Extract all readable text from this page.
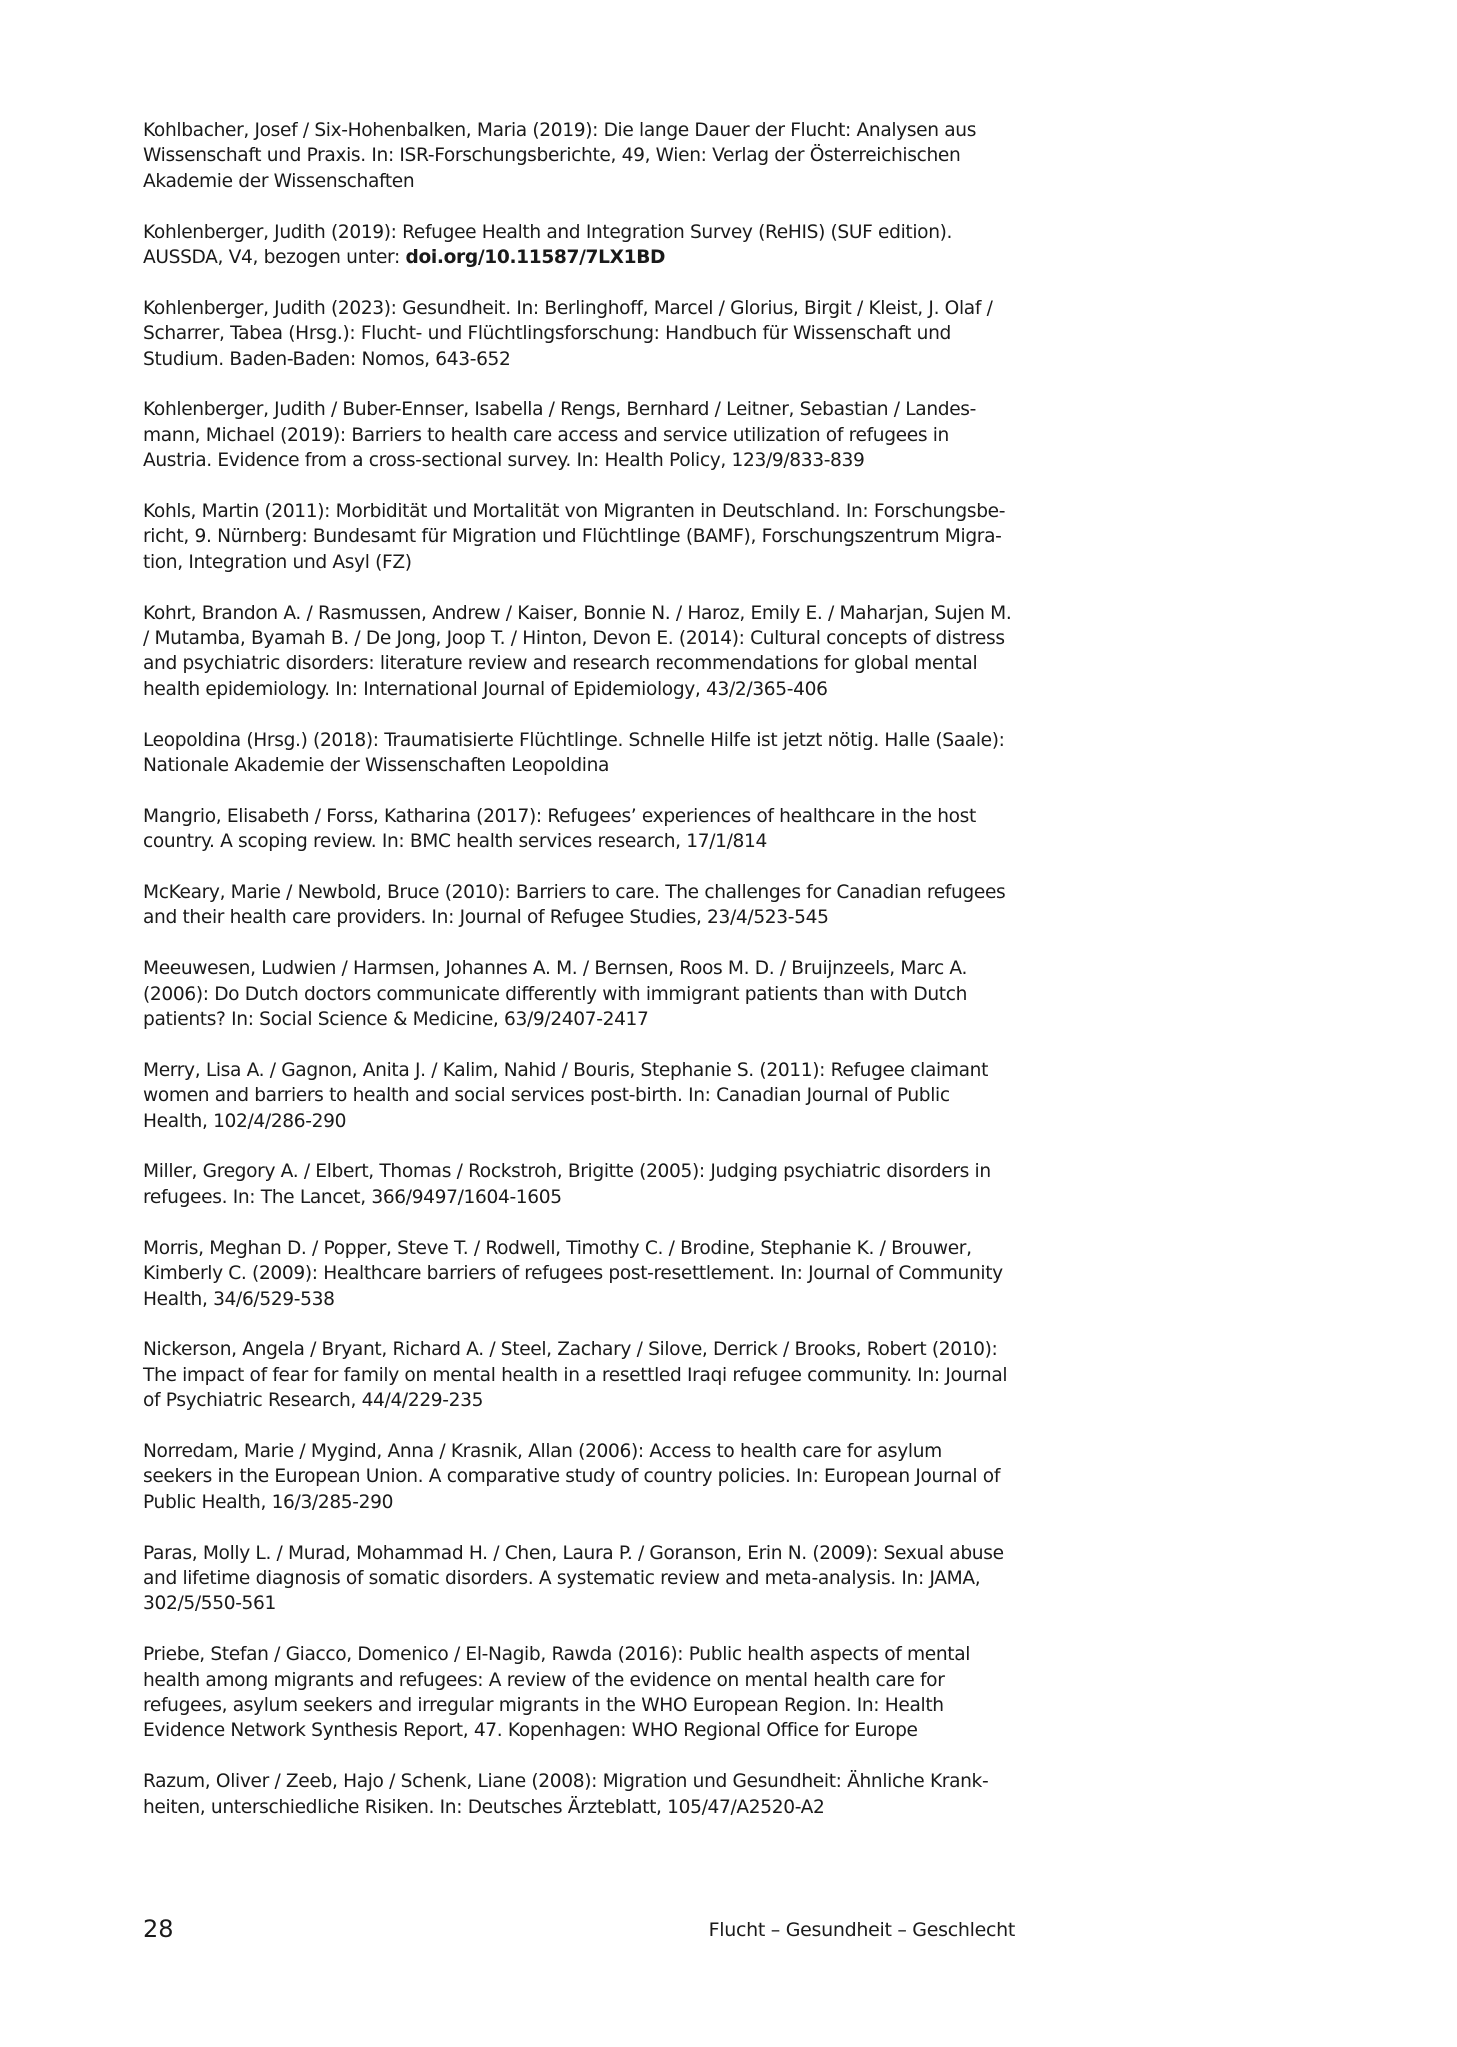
Kohlbacher, Josef / Six-Hohenbalken, Maria (2019): Die lange Dauer der Flucht: Analysen aus Wissenschaft und Praxis. In: ISR-Forschungsberichte, 49, Wien: Verlag der Österreichischen Akademie der Wissenschaften

Kohlenberger, Judith (2019): Refugee Health and Integration Survey (ReHIS) (SUF edition). AUSSDA, V4, bezogen unter: doi.org/10.11587/7LX1BD

Kohlenberger, Judith (2023): Gesundheit. In: Berlinghoff, Marcel / Glorius, Birgit / Kleist, J. Olaf / Scharrer, Tabea (Hrsg.): Flucht- und Flüchtlingsforschung: Handbuch für Wissenschaft und Studium. Baden-Baden: Nomos, 643-652

Kohlenberger, Judith / Buber-Ennser, Isabella / Rengs, Bernhard / Leitner, Sebastian / Landesmann, Michael (2019): Barriers to health care access and service utilization of refugees in Austria. Evidence from a cross-sectional survey. In: Health Policy, 123/9/833-839

Kohls, Martin (2011): Morbidität und Mortalität von Migranten in Deutschland. In: Forschungsbericht, 9. Nürnberg: Bundesamt für Migration und Flüchtlinge (BAMF), Forschungszentrum Migration, Integration und Asyl (FZ)

Kohrt, Brandon A. / Rasmussen, Andrew / Kaiser, Bonnie N. / Haroz, Emily E. / Maharjan, Sujen M. / Mutamba, Byamah B. / De Jong, Joop T. / Hinton, Devon E. (2014): Cultural concepts of distress and psychiatric disorders: literature review and research recommendations for global mental health epidemiology. In: International Journal of Epidemiology, 43/2/365-406

Leopoldina (Hrsg.) (2018): Traumatisierte Flüchtlinge. Schnelle Hilfe ist jetzt nötig. Halle (Saale): Nationale Akademie der Wissenschaften Leopoldina

Mangrio, Elisabeth / Forss, Katharina (2017): Refugees’ experiences of healthcare in the host country. A scoping review. In: BMC health services research, 17/1/814

McKeary, Marie / Newbold, Bruce (2010): Barriers to care. The challenges for Canadian refugees and their health care providers. In: Journal of Refugee Studies, 23/4/523-545

Meeuwesen, Ludwien / Harmsen, Johannes A. M. / Bernsen, Roos M. D. / Bruijnzeels, Marc A. (2006): Do Dutch doctors communicate differently with immigrant patients than with Dutch patients? In: Social Science & Medicine, 63/9/2407-2417

Merry, Lisa A. / Gagnon, Anita J. / Kalim, Nahid / Bouris, Stephanie S. (2011): Refugee claimant women and barriers to health and social services post-birth. In: Canadian Journal of Public Health, 102/4/286-290

Miller, Gregory A. / Elbert, Thomas / Rockstroh, Brigitte (2005): Judging psychiatric disorders in refugees. In: The Lancet, 366/9497/1604-1605

Morris, Meghan D. / Popper, Steve T. / Rodwell, Timothy C. / Brodine, Stephanie K. / Brouwer, Kimberly C. (2009): Healthcare barriers of refugees post-resettlement. In: Journal of Community Health, 34/6/529-538

Nickerson, Angela / Bryant, Richard A. / Steel, Zachary / Silove, Derrick / Brooks, Robert (2010): The impact of fear for family on mental health in a resettled Iraqi refugee community. In: Journal of Psychiatric Research, 44/4/229-235

Norredam, Marie / Mygind, Anna / Krasnik, Allan (2006): Access to health care for asylum seekers in the European Union. A comparative study of country policies. In: European Journal of Public Health, 16/3/285-290

Paras, Molly L. / Murad, Mohammad H. / Chen, Laura P. / Goranson, Erin N. (2009): Sexual abuse and lifetime diagnosis of somatic disorders. A systematic review and meta-analysis. In: JAMA, 302/5/550-561

Priebe, Stefan / Giacco, Domenico / El-Nagib, Rawda (2016): Public health aspects of mental health among migrants and refugees: A review of the evidence on mental health care for refugees, asylum seekers and irregular migrants in the WHO European Region. In: Health Evidence Network Synthesis Report, 47. Kopenhagen: WHO Regional Office for Europe

Razum, Oliver / Zeeb, Hajo / Schenk, Liane (2008): Migration und Gesundheit: Ähnliche Krankheiten, unterschiedliche Risiken. In: Deutsches Ärzteblatt, 105/47/A2520-A2

28	Flucht – Gesundheit – Geschlecht
